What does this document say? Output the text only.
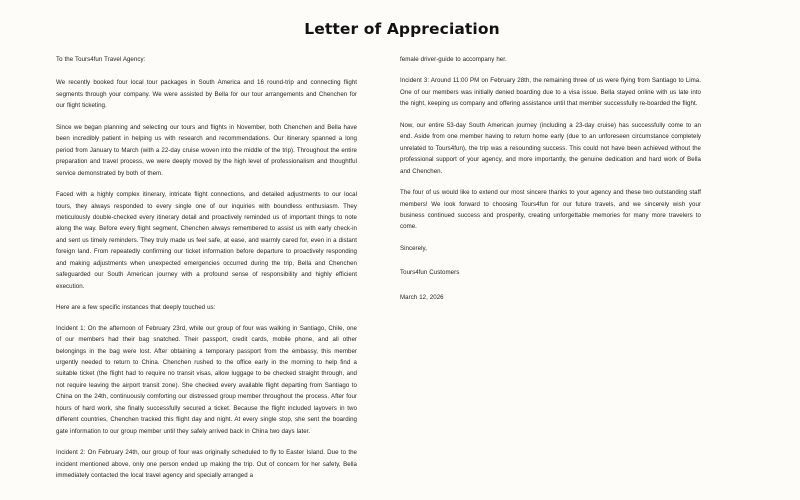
Letter of Appreciation

To the Tours4fun Travel Agency:

We recently booked four local tour packages in South America and 16 round-trip and connecting flight segments through your company. We were assisted by Bella for our tour arrangements and Chenchen for our flight ticketing.

Since we began planning and selecting our tours and flights in November, both Chenchen and Bella have been incredibly patient in helping us with research and recommendations. Our itinerary spanned a long period from January to March (with a 22-day cruise woven into the middle of the trip). Throughout the entire preparation and travel process, we were deeply moved by the high level of professionalism and thoughtful service demonstrated by both of them.

Faced with a highly complex itinerary, intricate flight connections, and detailed adjustments to our local tours, they always responded to every single one of our inquiries with boundless enthusiasm. They meticulously double-checked every itinerary detail and proactively reminded us of important things to note along the way. Before every flight segment, Chenchen always remembered to assist us with early check-in and sent us timely reminders. They truly made us feel safe, at ease, and warmly cared for, even in a distant foreign land. From repeatedly confirming our ticket information before departure to proactively responding and making adjustments when unexpected emergencies occurred during the trip, Bella and Chenchen safeguarded our South American journey with a profound sense of responsibility and highly efficient execution.

Here are a few specific instances that deeply touched us:

Incident 1: On the afternoon of February 23rd, while our group of four was walking in Santiago, Chile, one of our members had their bag snatched. Their passport, credit cards, mobile phone, and all other belongings in the bag were lost. After obtaining a temporary passport from the embassy, this member urgently needed to return to China. Chenchen rushed to the office early in the morning to help find a suitable ticket (the flight had to require no transit visas, allow luggage to be checked straight through, and not require leaving the airport transit zone). She checked every available flight departing from Santiago to China on the 24th, continuously comforting our distressed group member throughout the process. After four hours of hard work, she finally successfully secured a ticket. Because the flight included layovers in two different countries, Chenchen tracked this flight day and night. At every single stop, she sent the boarding gate information to our group member until they safely arrived back in China two days later.

Incident 2: On February 24th, our group of four was originally scheduled to fly to Easter Island. Due to the incident mentioned above, only one person ended up making the trip. Out of concern for her safety, Bella immediately contacted the local travel agency and specially arranged a

female driver-guide to accompany her.

Incident 3: Around 11:00 PM on February 28th, the remaining three of us were flying from Santiago to Lima. One of our members was initially denied boarding due to a visa issue. Bella stayed online with us late into the night, keeping us company and offering assistance until that member successfully re-boarded the flight.

Now, our entire 53-day South American journey (including a 23-day cruise) has successfully come to an end. Aside from one member having to return home early (due to an unforeseen circumstance completely unrelated to Tours4fun), the trip was a resounding success. This could not have been achieved without the professional support of your agency, and more importantly, the genuine dedication and hard work of Bella and Chenchen.

The four of us would like to extend our most sincere thanks to your agency and these two outstanding staff members! We look forward to choosing Tours4fun for our future travels, and we sincerely wish your business continued success and prosperity, creating unforgettable memories for many more travelers to come.

Sincerely,

Tours4fun Customers

March 12, 2026
